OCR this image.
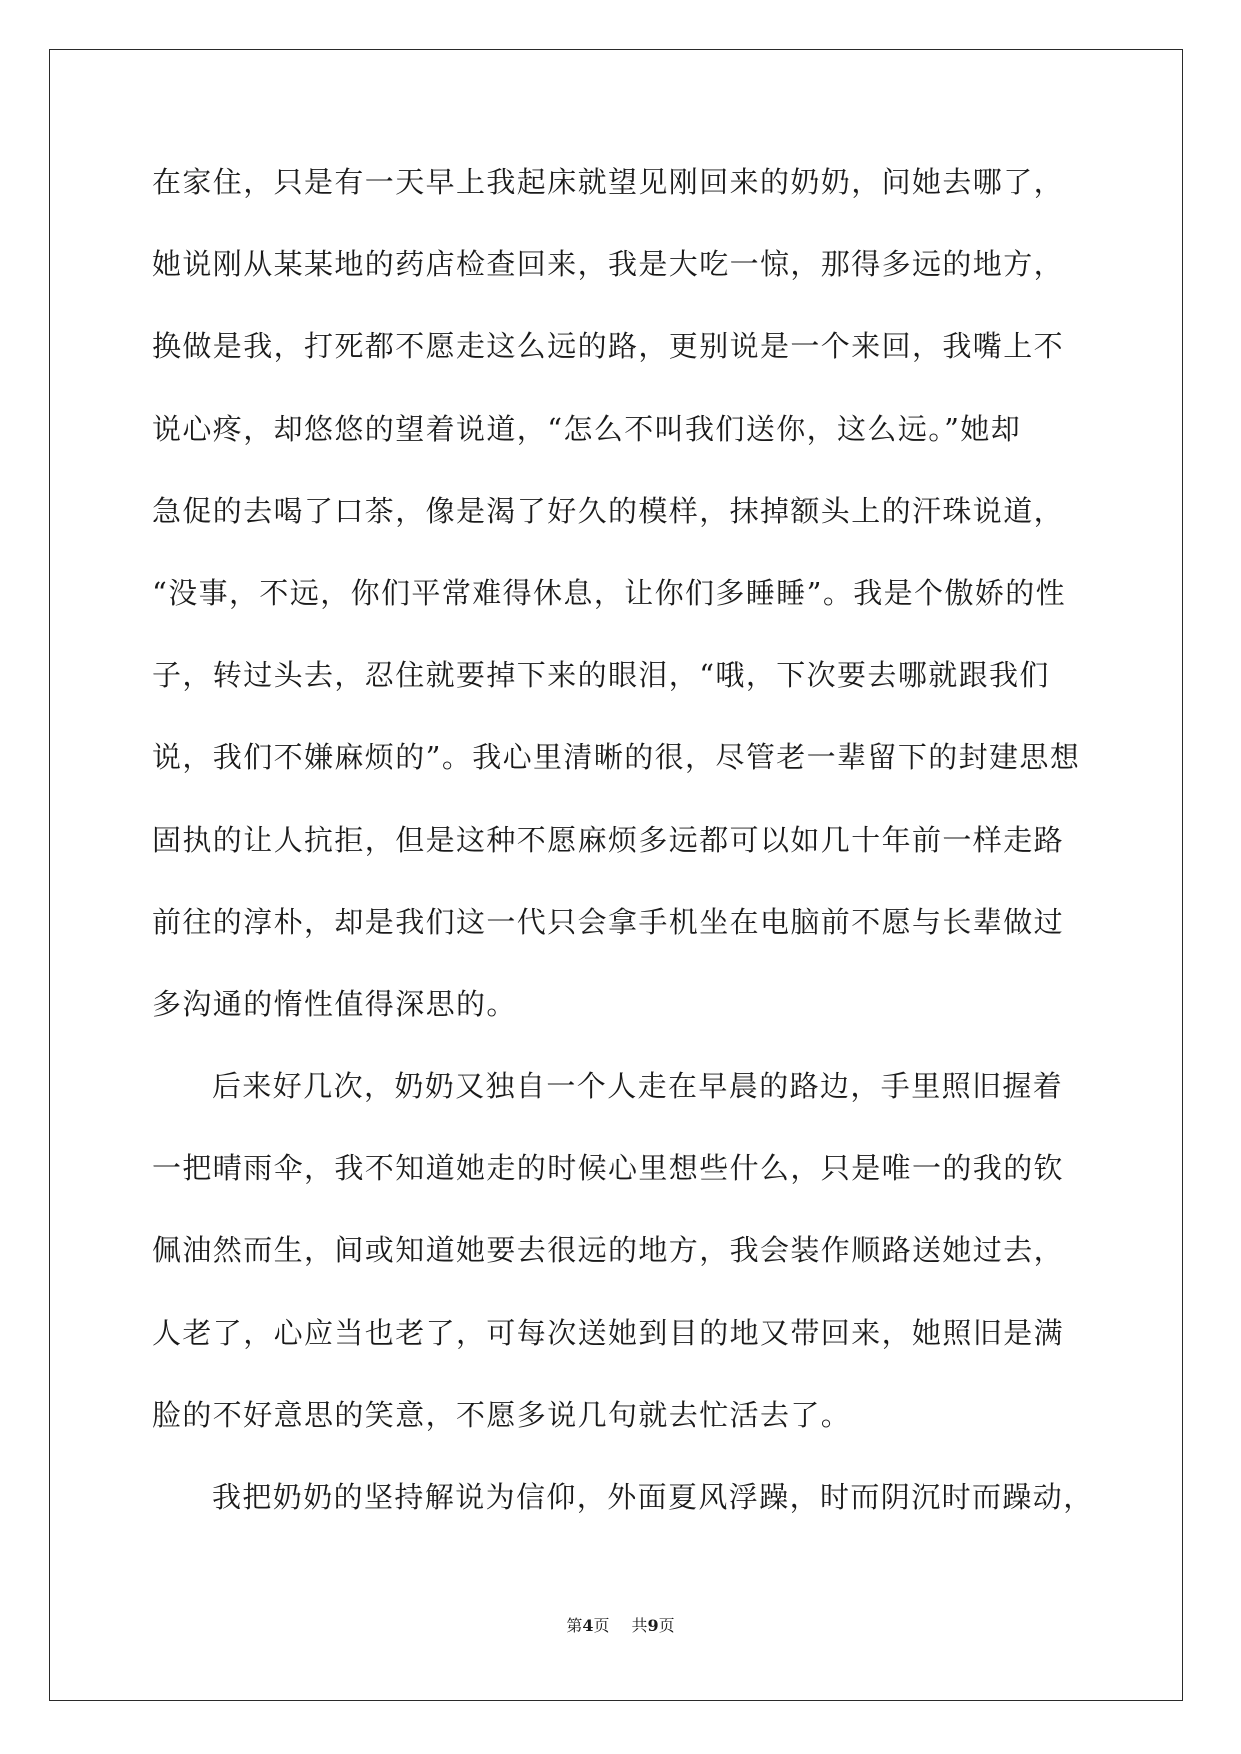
在家住，只是有一天早上我起床就望见刚回来的奶奶，问她去哪了，
她说刚从某某地的药店检查回来，我是大吃一惊，那得多远的地方，
换做是我，打死都不愿走这么远的路，更别说是一个来回，我嘴上不
说心疼，却悠悠的望着说道，“怎么不叫我们送你，这么远。”她却
急促的去喝了口茶，像是渴了好久的模样，抹掉额头上的汗珠说道，
“没事，不远，你们平常难得休息，让你们多睡睡”。我是个傲娇的性
子，转过头去，忍住就要掉下来的眼泪，“哦，下次要去哪就跟我们
说，我们不嫌麻烦的”。我心里清晰的很，尽管老一辈留下的封建思想
固执的让人抗拒，但是这种不愿麻烦多远都可以如几十年前一样走路
前往的淳朴，却是我们这一代只会拿手机坐在电脑前不愿与长辈做过
多沟通的惰性值得深思的。
后来好几次，奶奶又独自一个人走在早晨的路边，手里照旧握着
一把晴雨伞，我不知道她走的时候心里想些什么，只是唯一的我的钦
佩油然而生，间或知道她要去很远的地方，我会装作顺路送她过去，
人老了，心应当也老了，可每次送她到目的地又带回来，她照旧是满
脸的不好意思的笑意，不愿多说几句就去忙活去了。
我把奶奶的坚持解说为信仰，外面夏风浮躁，时而阴沉时而躁动，
第4页 共9页
